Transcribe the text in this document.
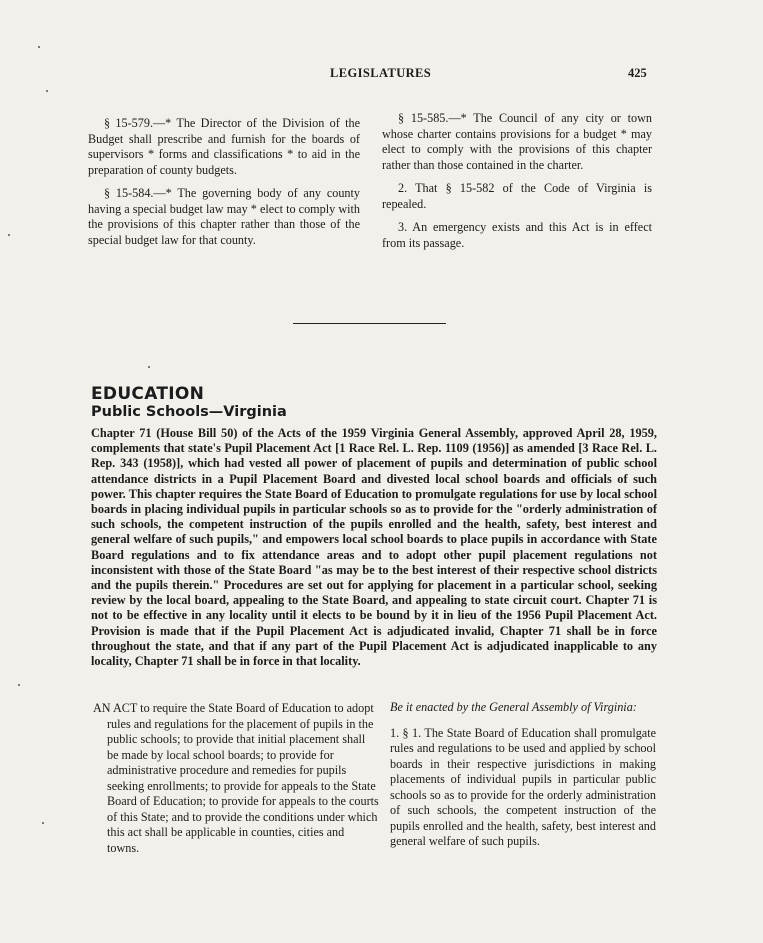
LEGISLATURES	425

§ 15-579.—* The Director of the Division of the Budget shall prescribe and furnish for the boards of supervisors * forms and classifications * to aid in the preparation of county budgets.

§ 15-584.—* The governing body of any county having a special budget law may * elect to comply with the provisions of this chapter rather than those of the special budget law for that county.

§ 15-585.—* The Council of any city or town whose charter contains provisions for a budget * may elect to comply with the provisions of this chapter rather than those contained in the charter.

2. That § 15-582 of the Code of Virginia is repealed.

3. An emergency exists and this Act is in effect from its passage.

EDUCATION
Public Schools—Virginia

Chapter 71 (House Bill 50) of the Acts of the 1959 Virginia General Assembly, approved April 28, 1959, complements that state's Pupil Placement Act [1 Race Rel. L. Rep. 1109 (1956)] as amended [3 Race Rel. L. Rep. 343 (1958)], which had vested all power of placement of pupils and determination of public school attendance districts in a Pupil Placement Board and divested local school boards and officials of such power. This chapter requires the State Board of Education to promulgate regulations for use by local school boards in placing individual pupils in particular schools so as to provide for the "orderly administration of such schools, the competent instruction of the pupils enrolled and the health, safety, best interest and general welfare of such pupils," and empowers local school boards to place pupils in accordance with State Board regulations and to fix attendance areas and to adopt other pupil placement regulations not inconsistent with those of the State Board "as may be to the best interest of their respective school districts and the pupils therein." Procedures are set out for applying for placement in a particular school, seeking review by the local board, appealing to the State Board, and appealing to state circuit court. Chapter 71 is not to be effective in any locality until it elects to be bound by it in lieu of the 1956 Pupil Placement Act. Provision is made that if the Pupil Placement Act is adjudicated invalid, Chapter 71 shall be in force throughout the state, and that if any part of the Pupil Placement Act is adjudicated inapplicable to any locality, Chapter 71 shall be in force in that locality.

AN ACT to require the State Board of Education to adopt rules and regulations for the placement of pupils in the public schools; to provide that initial placement shall be made by local school boards; to provide for administrative procedure and remedies for pupils seeking enrollments; to provide for appeals to the State Board of Education; to provide for appeals to the courts of this State; and to provide the conditions under which this act shall be applicable in counties, cities and towns.

Be it enacted by the General Assembly of Virginia:

1. § 1. The State Board of Education shall promulgate rules and regulations to be used and applied by school boards in their respective jurisdictions in making placements of individual pupils in particular public schools so as to provide for the orderly administration of such schools, the competent instruction of the pupils enrolled and the health, safety, best interest and general welfare of such pupils.
